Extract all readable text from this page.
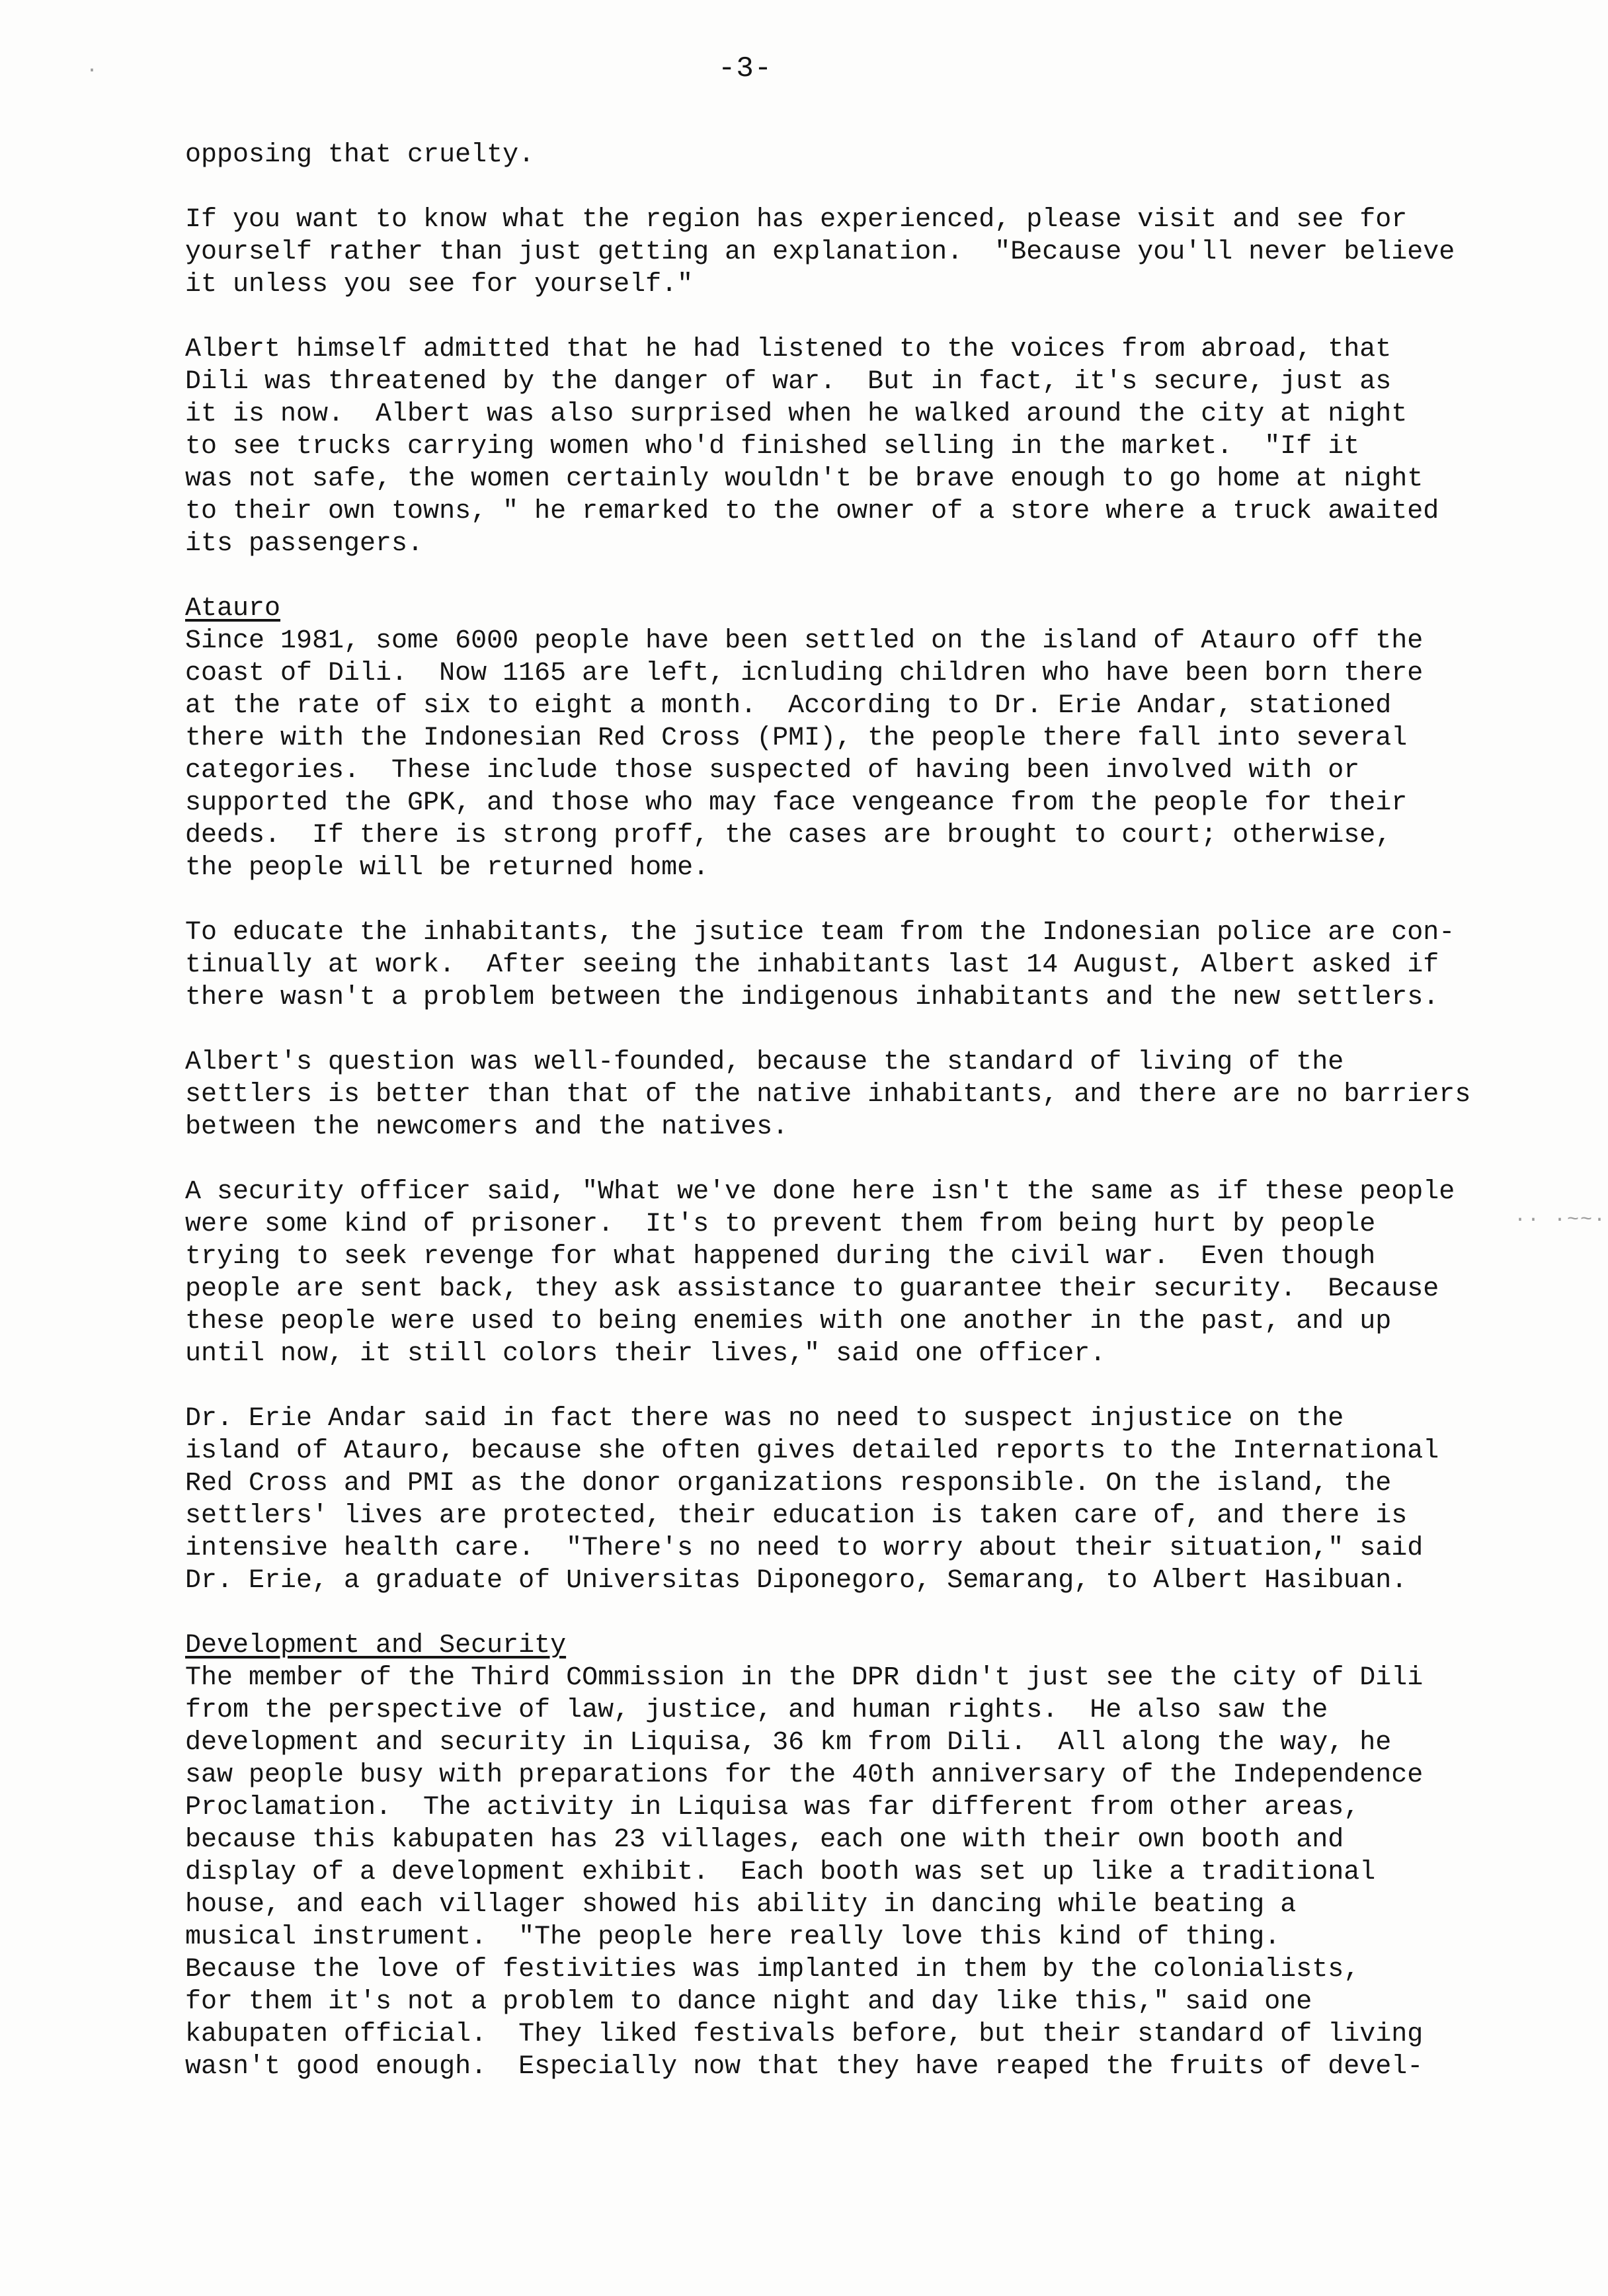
-3-
opposing that cruelty.
If you want to know what the region has experienced, please visit and see for
yourself rather than just getting an explanation.  "Because you'll never believe
it unless you see for yourself."
Albert himself admitted that he had listened to the voices from abroad, that
Dili was threatened by the danger of war.  But in fact, it's secure, just as
it is now.  Albert was also surprised when he walked around the city at night
to see trucks carrying women who'd finished selling in the market.  "If it
was not safe, the women certainly wouldn't be brave enough to go home at night
to their own towns, " he remarked to the owner of a store where a truck awaited
its passengers.
Atauro
Since 1981, some 6000 people have been settled on the island of Atauro off the
coast of Dili.  Now 1165 are left, icnluding children who have been born there
at the rate of six to eight a month.  According to Dr. Erie Andar, stationed
there with the Indonesian Red Cross (PMI), the people there fall into several
categories.  These include those suspected of having been involved with or
supported the GPK, and those who may face vengeance from the people for their
deeds.  If there is strong proff, the cases are brought to court; otherwise,
the people will be returned home.
To educate the inhabitants, the jsutice team from the Indonesian police are con-
tinually at work.  After seeing the inhabitants last 14 August, Albert asked if
there wasn't a problem between the indigenous inhabitants and the new settlers.
Albert's question was well-founded, because the standard of living of the
settlers is better than that of the native inhabitants, and there are no barriers
between the newcomers and the natives.
A security officer said, "What we've done here isn't the same as if these people
were some kind of prisoner.  It's to prevent them from being hurt by people
trying to seek revenge for what happened during the civil war.  Even though
people are sent back, they ask assistance to guarantee their security.  Because
these people were used to being enemies with one another in the past, and up
until now, it still colors their lives," said one officer.
Dr. Erie Andar said in fact there was no need to suspect injustice on the
island of Atauro, because she often gives detailed reports to the International
Red Cross and PMI as the donor organizations responsible. On the island, the
settlers' lives are protected, their education is taken care of, and there is
intensive health care.  "There's no need to worry about their situation," said
Dr. Erie, a graduate of Universitas Diponegoro, Semarang, to Albert Hasibuan.
Development and Security
The member of the Third COmmission in the DPR didn't just see the city of Dili
from the perspective of law, justice, and human rights.  He also saw the
development and security in Liquisa, 36 km from Dili.  All along the way, he
saw people busy with preparations for the 40th anniversary of the Independence
Proclamation.  The activity in Liquisa was far different from other areas,
because this kabupaten has 23 villages, each one with their own booth and
display of a development exhibit.  Each booth was set up like a traditional
house, and each villager showed his ability in dancing while beating a
musical instrument.  "The people here really love this kind of thing.
Because the love of festivities was implanted in them by the colonialists,
for them it's not a problem to dance night and day like this," said one
kabupaten official.  They liked festivals before, but their standard of living
wasn't good enough.  Especially now that they have reaped the fruits of devel-
·
·· ·~~·
